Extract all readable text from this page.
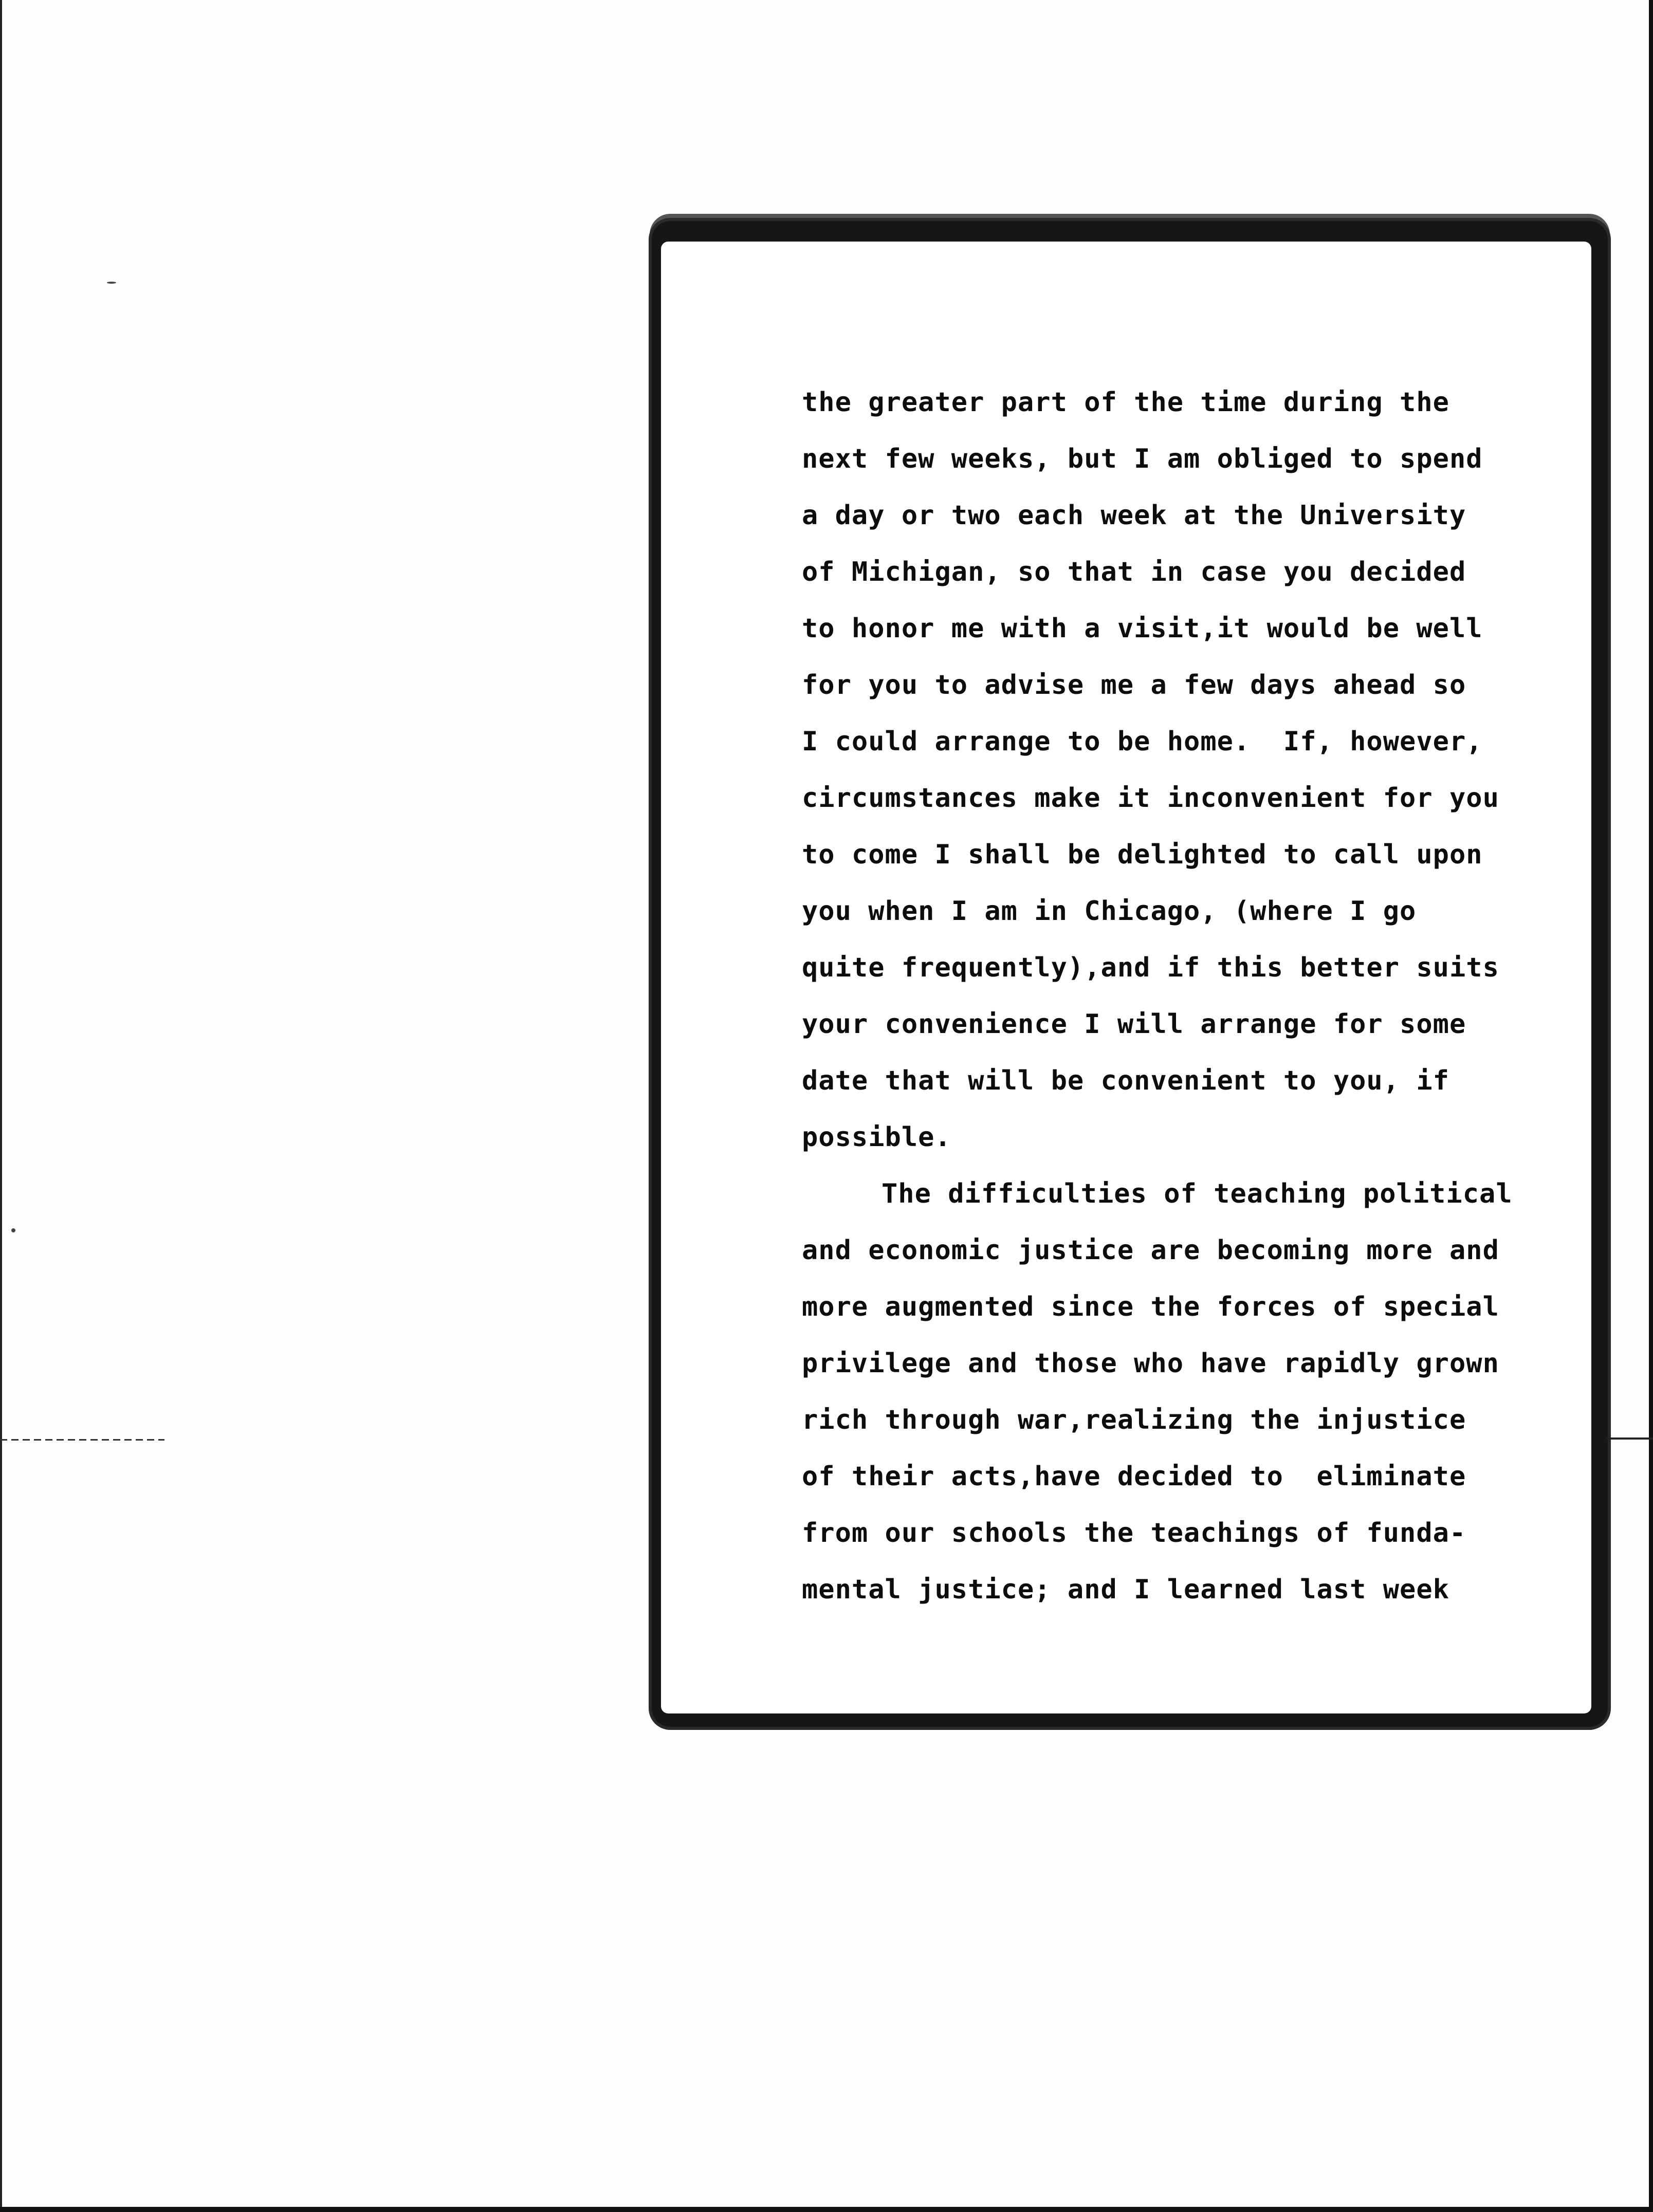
the greater part of the time during the
next few weeks, but I am obliged to spend
a day or two each week at the University
of Michigan, so that in case you decided
to honor me with a visit,it would be well
for you to advise me a few days ahead so
I could arrange to be home.  If, however,
circumstances make it inconvenient for you
to come I shall be delighted to call upon
you when I am in Chicago, (where I go
quite frequently),and if this better suits
your convenience I will arrange for some
date that will be convenient to you, if
possible.
The difficulties of teaching political
and economic justice are becoming more and
more augmented since the forces of special
privilege and those who have rapidly grown
rich through war,realizing the injustice
of their acts,have decided to  eliminate
from our schools the teachings of funda-
mental justice; and I learned last week
